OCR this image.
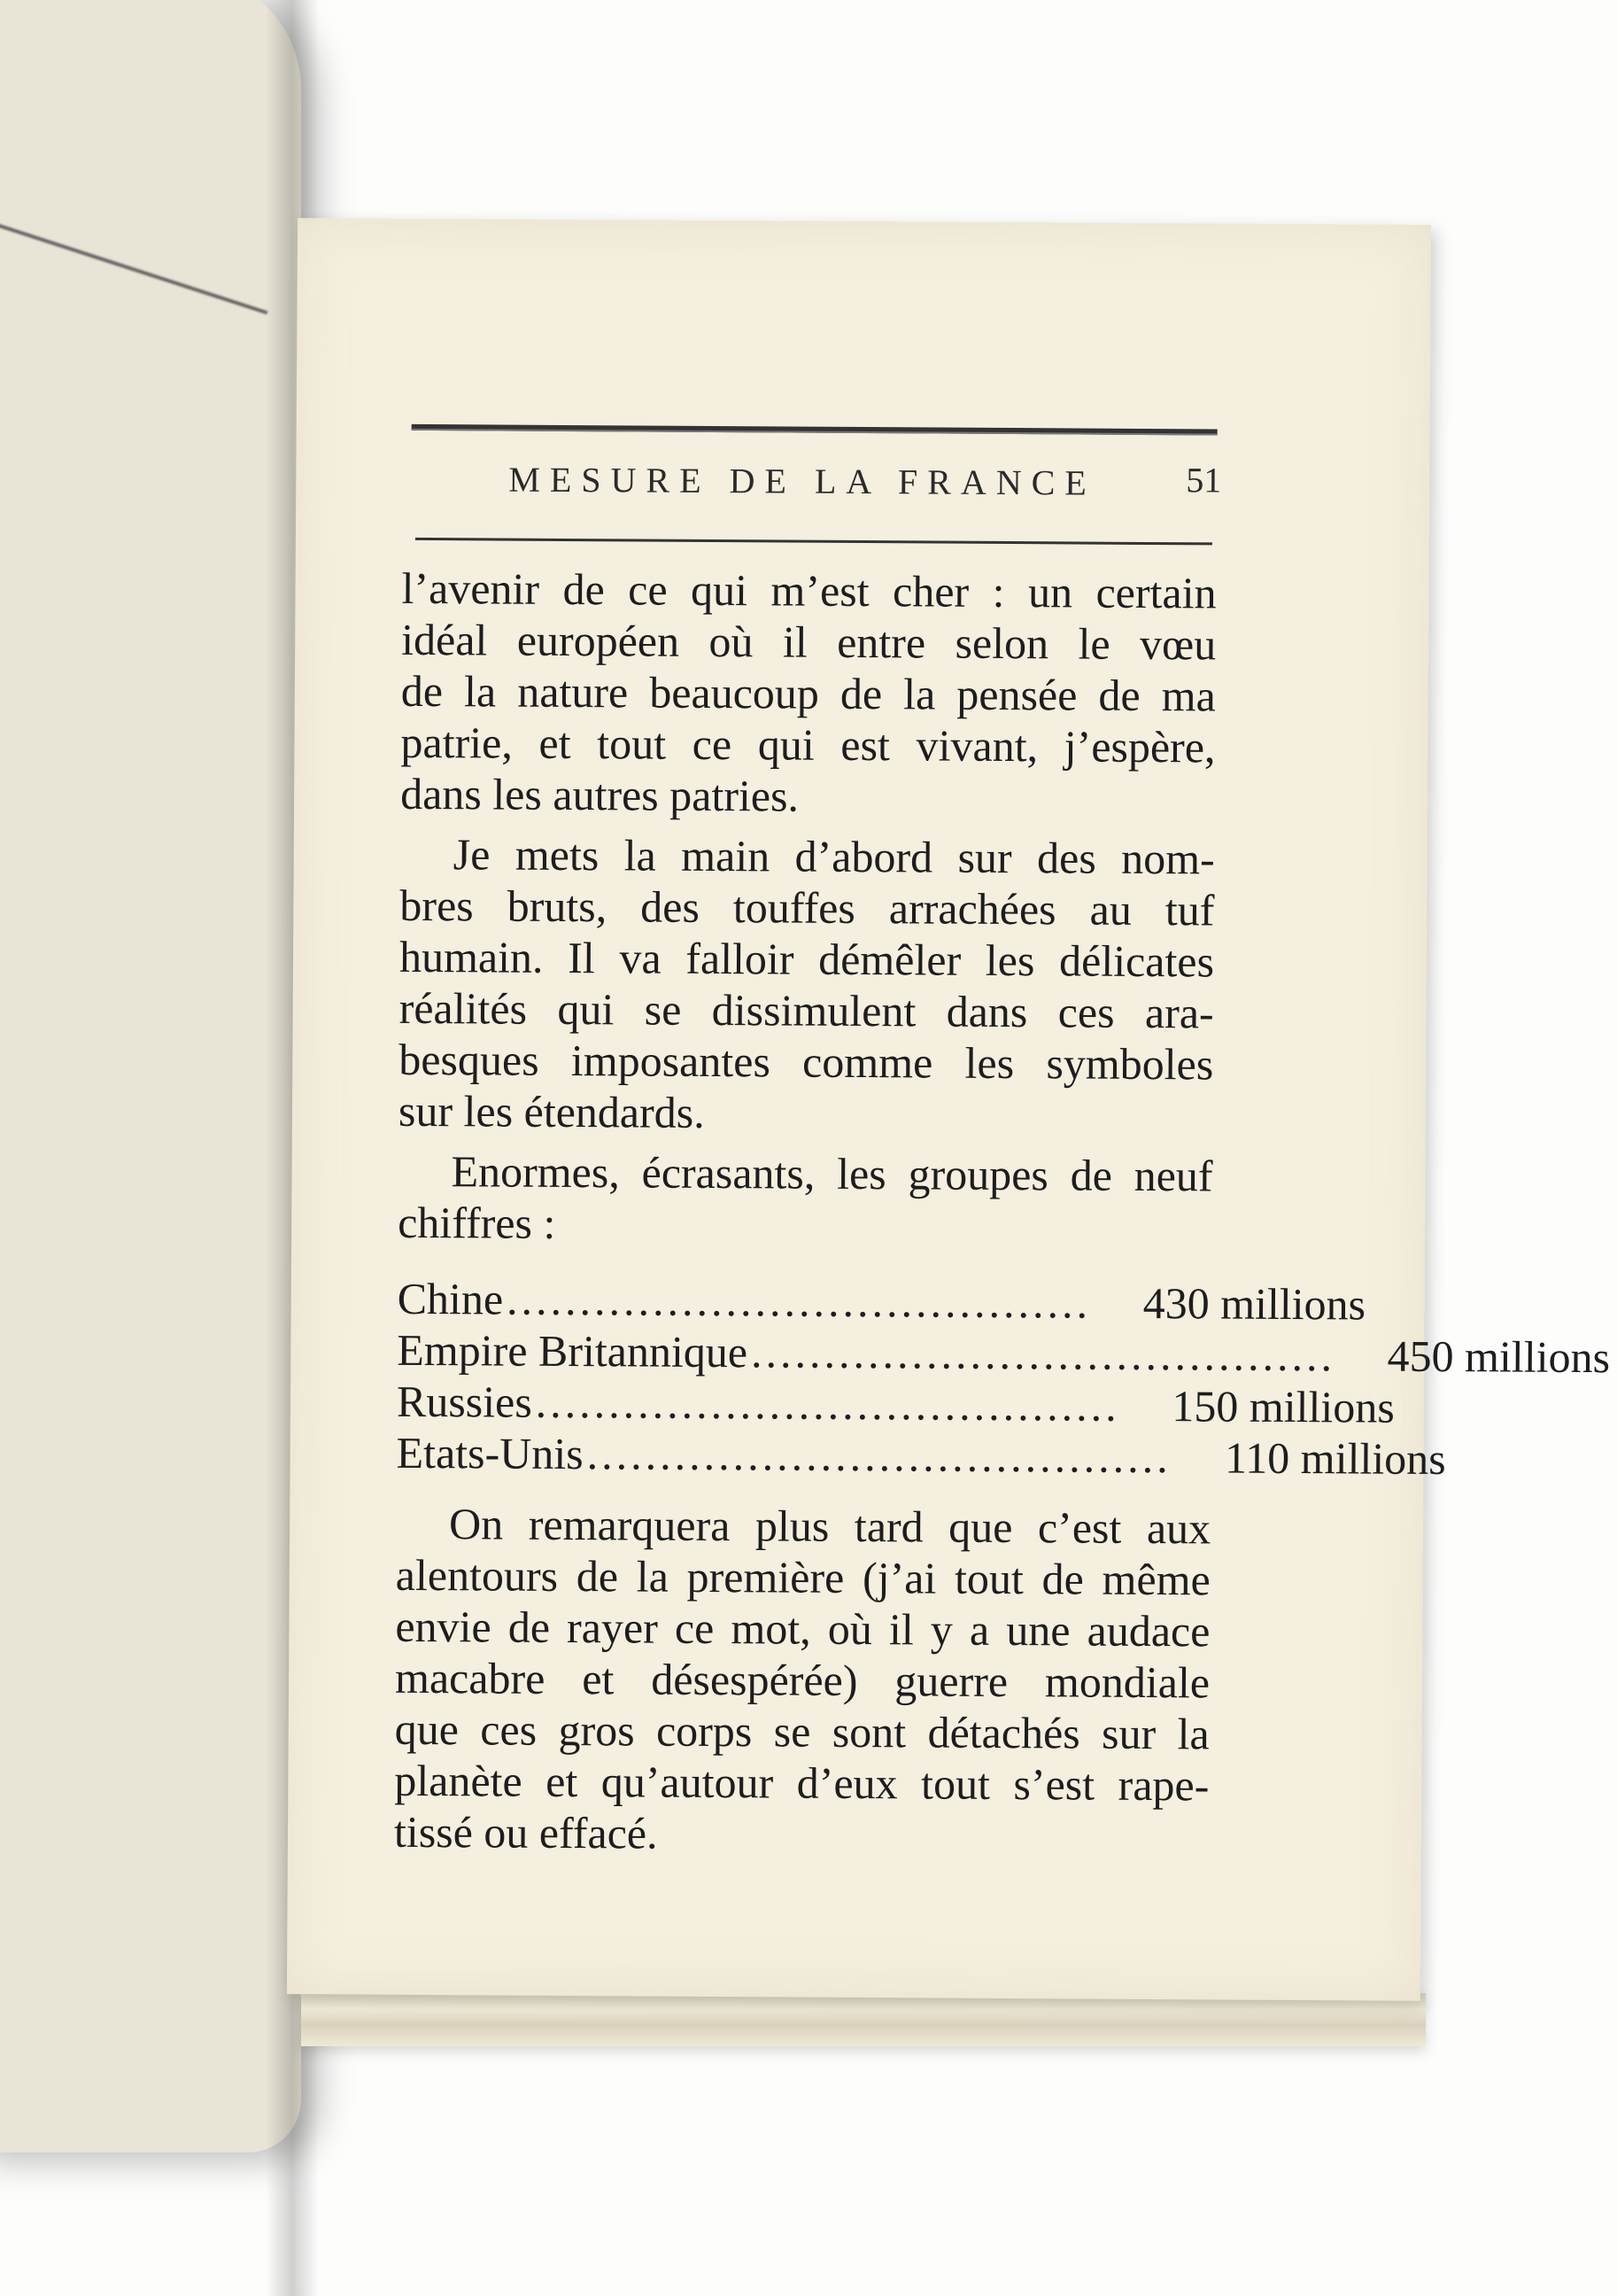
MESURE DE LA FRANCE	51
l’avenir de ce qui m’est cher : un certain
idéal européen où il entre selon le vœu
de la nature beaucoup de la pensée de ma
patrie, et tout ce qui est vivant, j’espère,
dans les autres patries.
Je mets la main d’abord sur des nom-
bres bruts, des touffes arrachées au tuf
humain. Il va falloir démêler les délicates
réalités qui se dissimulent dans ces ara-
besques imposantes comme les symboles
sur les étendards.
Enormes, écrasants, les groupes de neuf
chiffres :
Chine ........................................	430 millions
Empire Britannique ........................................	450 millions
Russies ........................................	150 millions
Etats-Unis ........................................	110 millions
On remarquera plus tard que c’est aux
alentours de la première (j’ai tout de même
envie de rayer ce mot, où il y a une audace
macabre et désespérée) guerre mondiale
que ces gros corps se sont détachés sur la
planète et qu’autour d’eux tout s’est rape-
tissé ou effacé.
